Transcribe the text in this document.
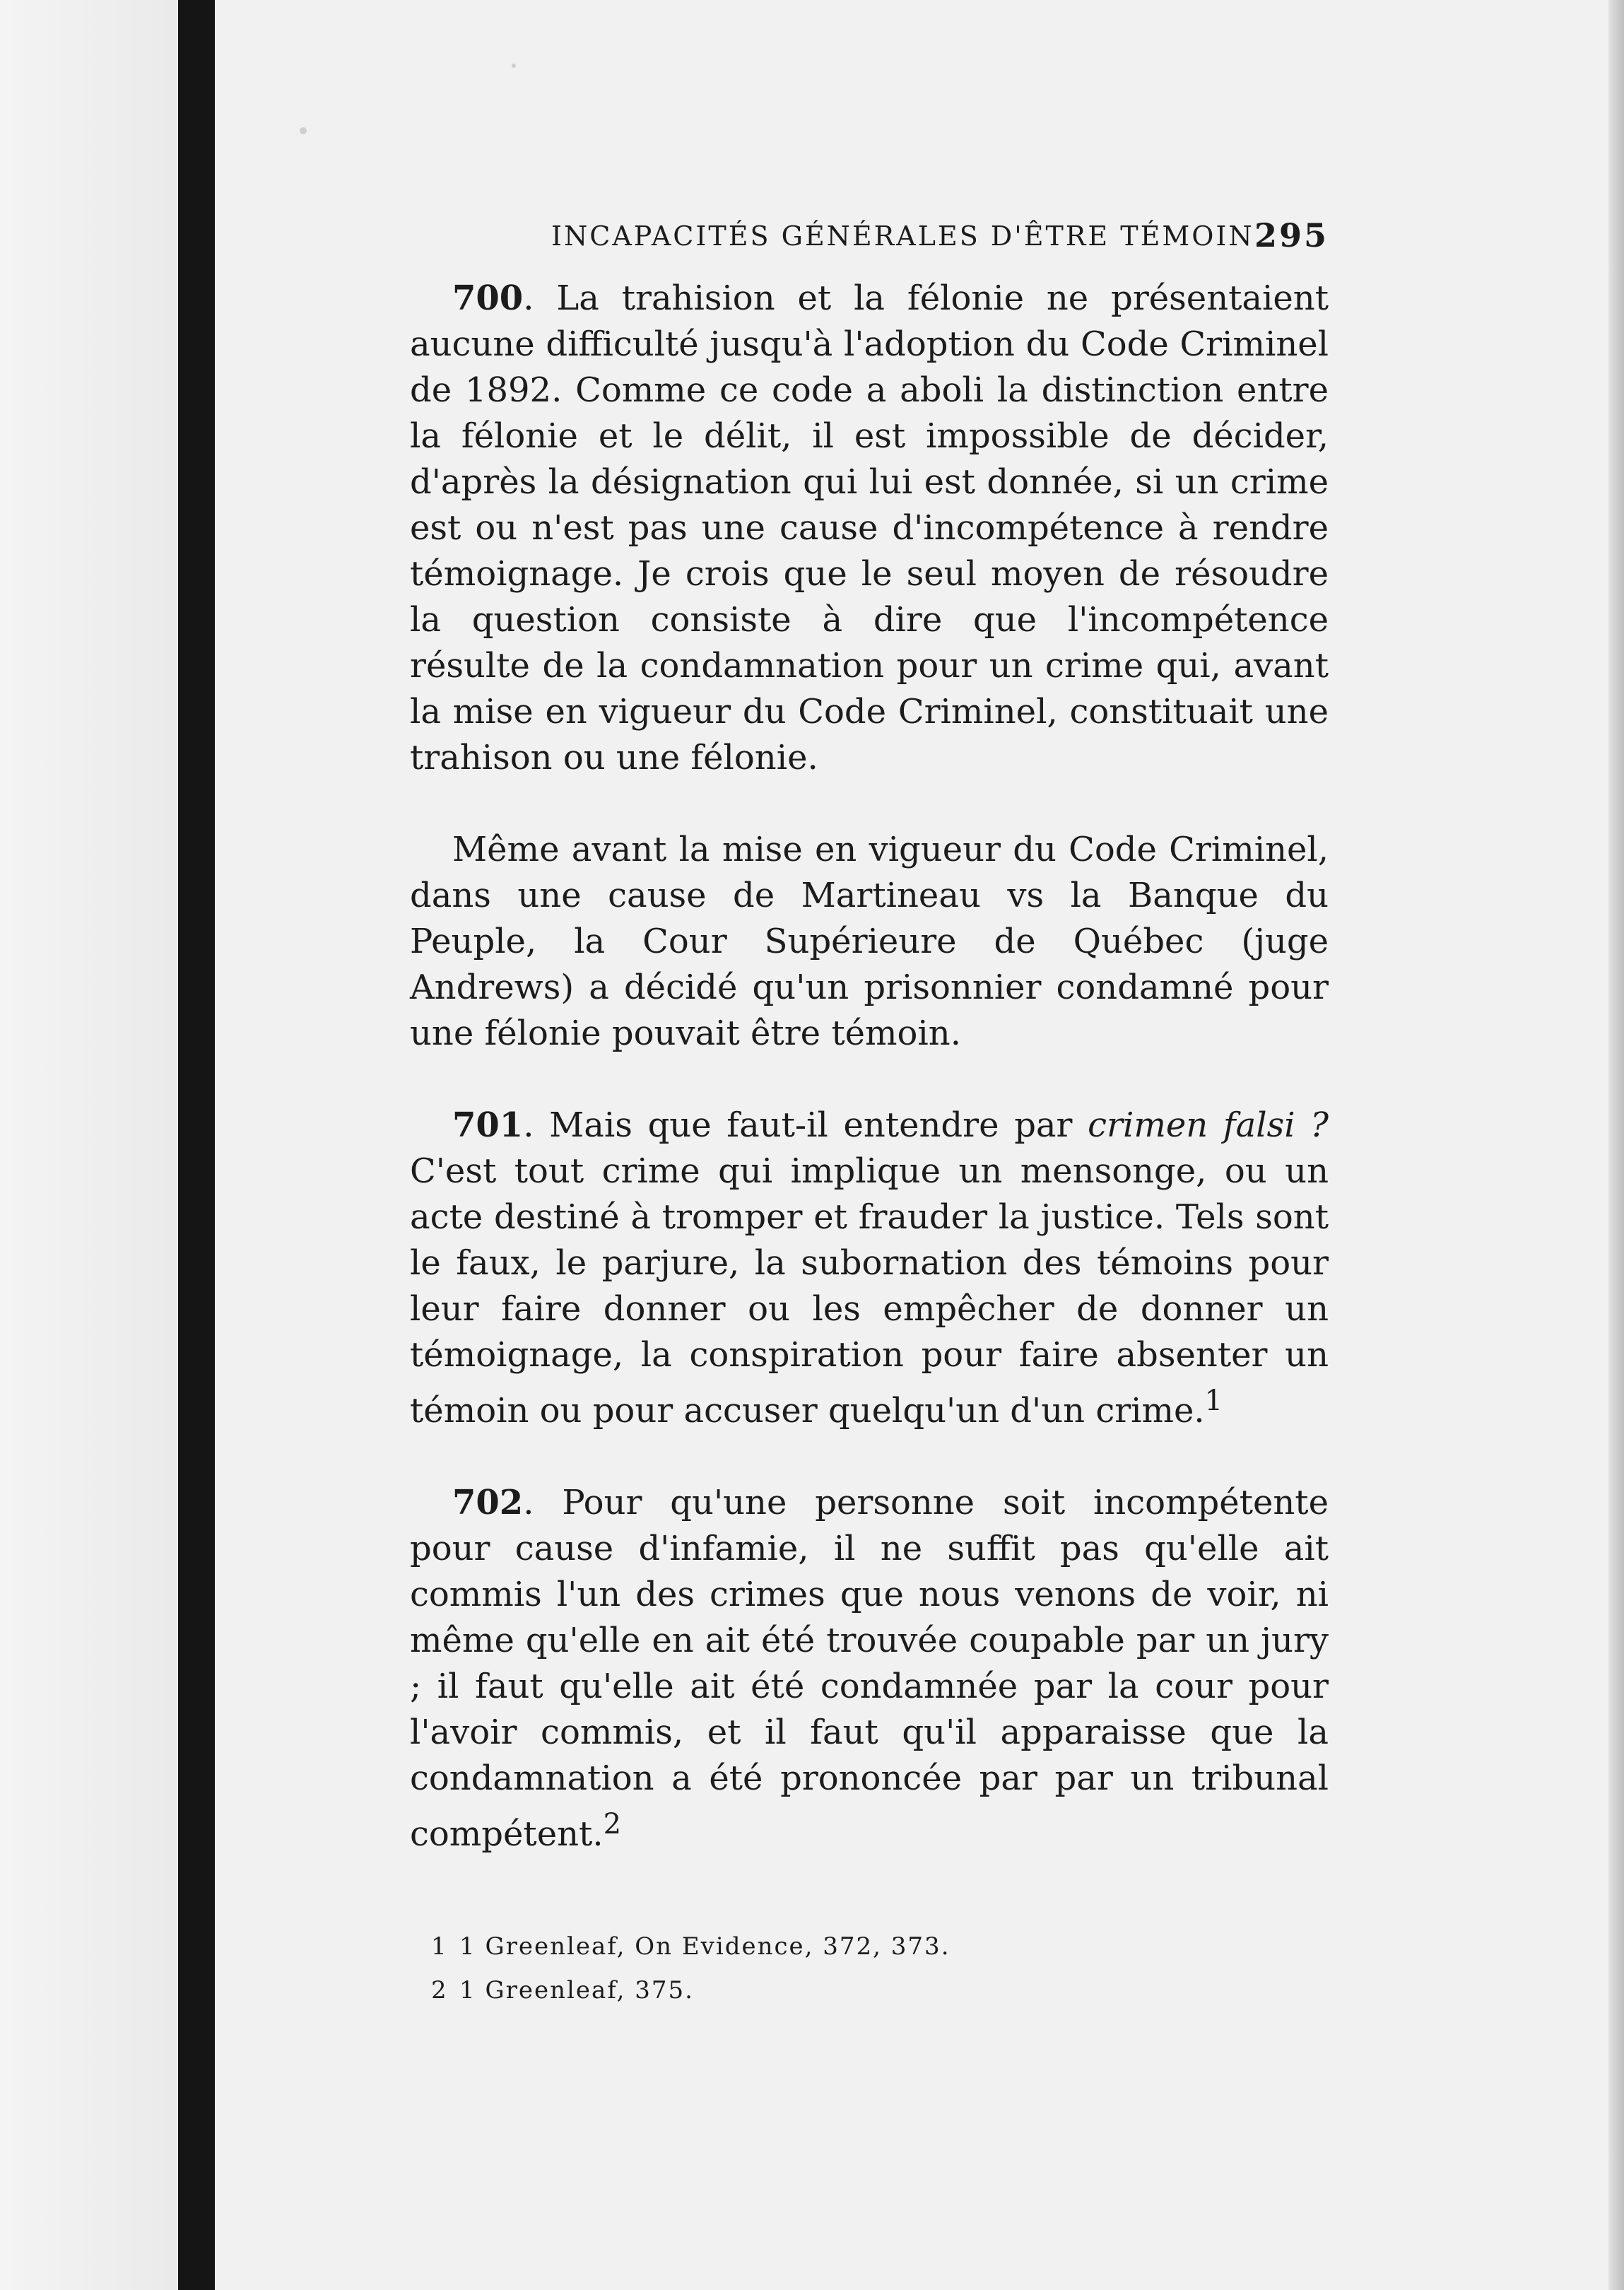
INCAPACITÉS GÉNÉRALES D'ÊTRE TÉMOIN 295

700. La trahision et la félonie ne présentaient aucune difficulté jusqu'à l'adoption du Code Criminel de 1892. Comme ce code a aboli la distinction entre la félonie et le délit, il est impossible de décider, d'après la désignation qui lui est donnée, si un crime est ou n'est pas une cause d'incompétence à rendre témoignage. Je crois que le seul moyen de résoudre la question consiste à dire que l'incompétence résulte de la condamnation pour un crime qui, avant la mise en vigueur du Code Criminel, constituait une trahison ou une félonie.

Même avant la mise en vigueur du Code Criminel, dans une cause de Martineau vs la Banque du Peuple, la Cour Supérieure de Québec (juge Andrews) a décidé qu'un prisonnier condamné pour une félonie pouvait être témoin.

701. Mais que faut-il entendre par crimen falsi ? C'est tout crime qui implique un mensonge, ou un acte destiné à tromper et frauder la justice. Tels sont le faux, le parjure, la subornation des témoins pour leur faire donner ou les empêcher de donner un témoignage, la conspiration pour faire absenter un témoin ou pour accuser quelqu'un d'un crime.$^1$

702. Pour qu'une personne soit incompétente pour cause d'infamie, il ne suffit pas qu'elle ait commis l'un des crimes que nous venons de voir, ni même qu'elle en ait été trouvée coupable par un jury ; il faut qu'elle ait été condamnée par la cour pour l'avoir commis, et il faut qu'il apparaisse que la condamnation a été prononcée par par un tribunal compétent.$^2$

1 1 Greenleaf, On Evidence, 372, 373.
2 1 Greenleaf, 375.
